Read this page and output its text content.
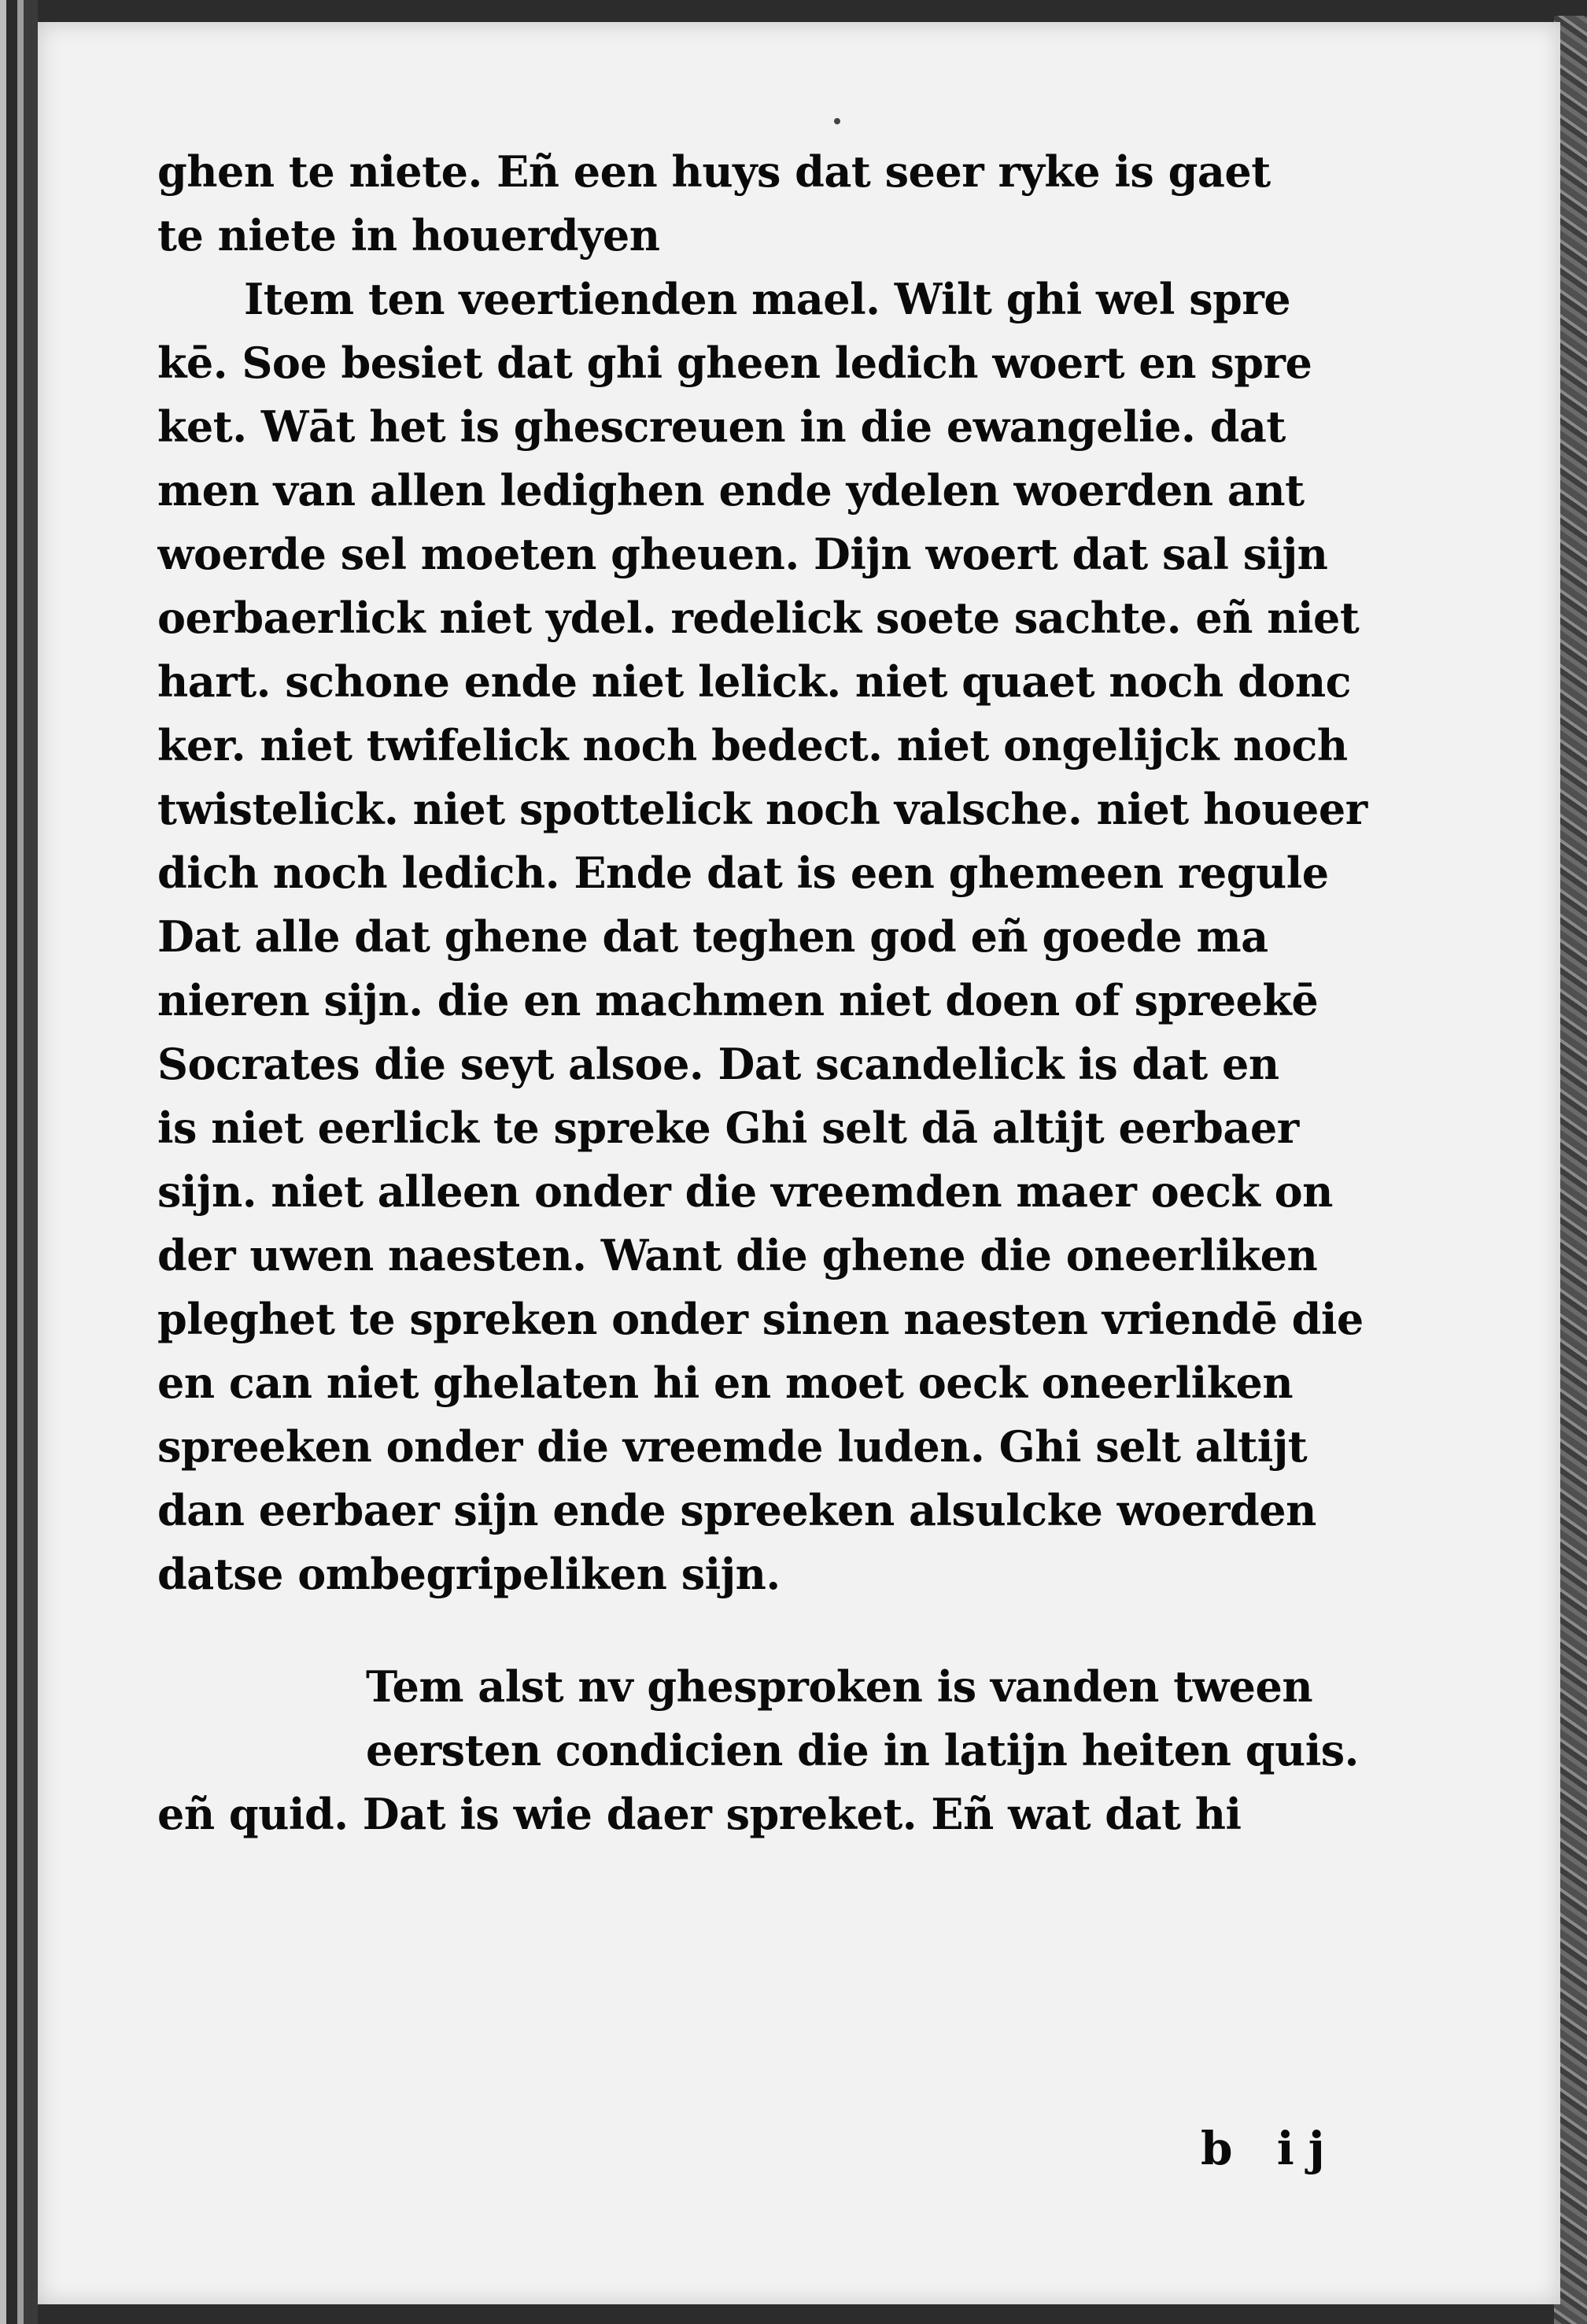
ghen te niete. Eñ een huys dat seer ryke is gaet
te niete in houerdyen
Item ten veertienden mael. Wilt ghi wel spre
kē. Soe besiet dat ghi gheen ledich woert en spre
ket. Wāt het is ghescreuen in die ewangelie. dat
men van allen ledighen ende ydelen woerden ant
woerde sel moeten gheuen. Dijn woert dat sal sijn
oerbaerlick niet ydel. redelick soete sachte. eñ niet
hart. schone ende niet lelick. niet quaet noch donc
ker. niet twifelick noch bedect. niet ongelijck noch
twistelick. niet spottelick noch valsche. niet houeer
dich noch ledich. Ende dat is een ghemeen regule
Dat alle dat ghene dat teghen god eñ goede ma
nieren sijn. die en machmen niet doen of spreekē
Socrates die seyt alsoe. Dat scandelick is dat en
is niet eerlick te spreke Ghi selt dā altijt eerbaer
sijn. niet alleen onder die vreemden maer oeck on
der uwen naesten. Want die ghene die oneerliken
pleghet te spreken onder sinen naesten vriendē die
en can niet ghelaten hi en moet oeck oneerliken
spreeken onder die vreemde luden. Ghi selt altijt
dan eerbaer sijn ende spreeken alsulcke woerden
datse ombegripeliken sijn.
Tem alst nv ghesproken is vanden tween
eersten condicien die in latijn heiten quis.
eñ quid. Dat is wie daer spreket. Eñ wat dat hi
b ij
